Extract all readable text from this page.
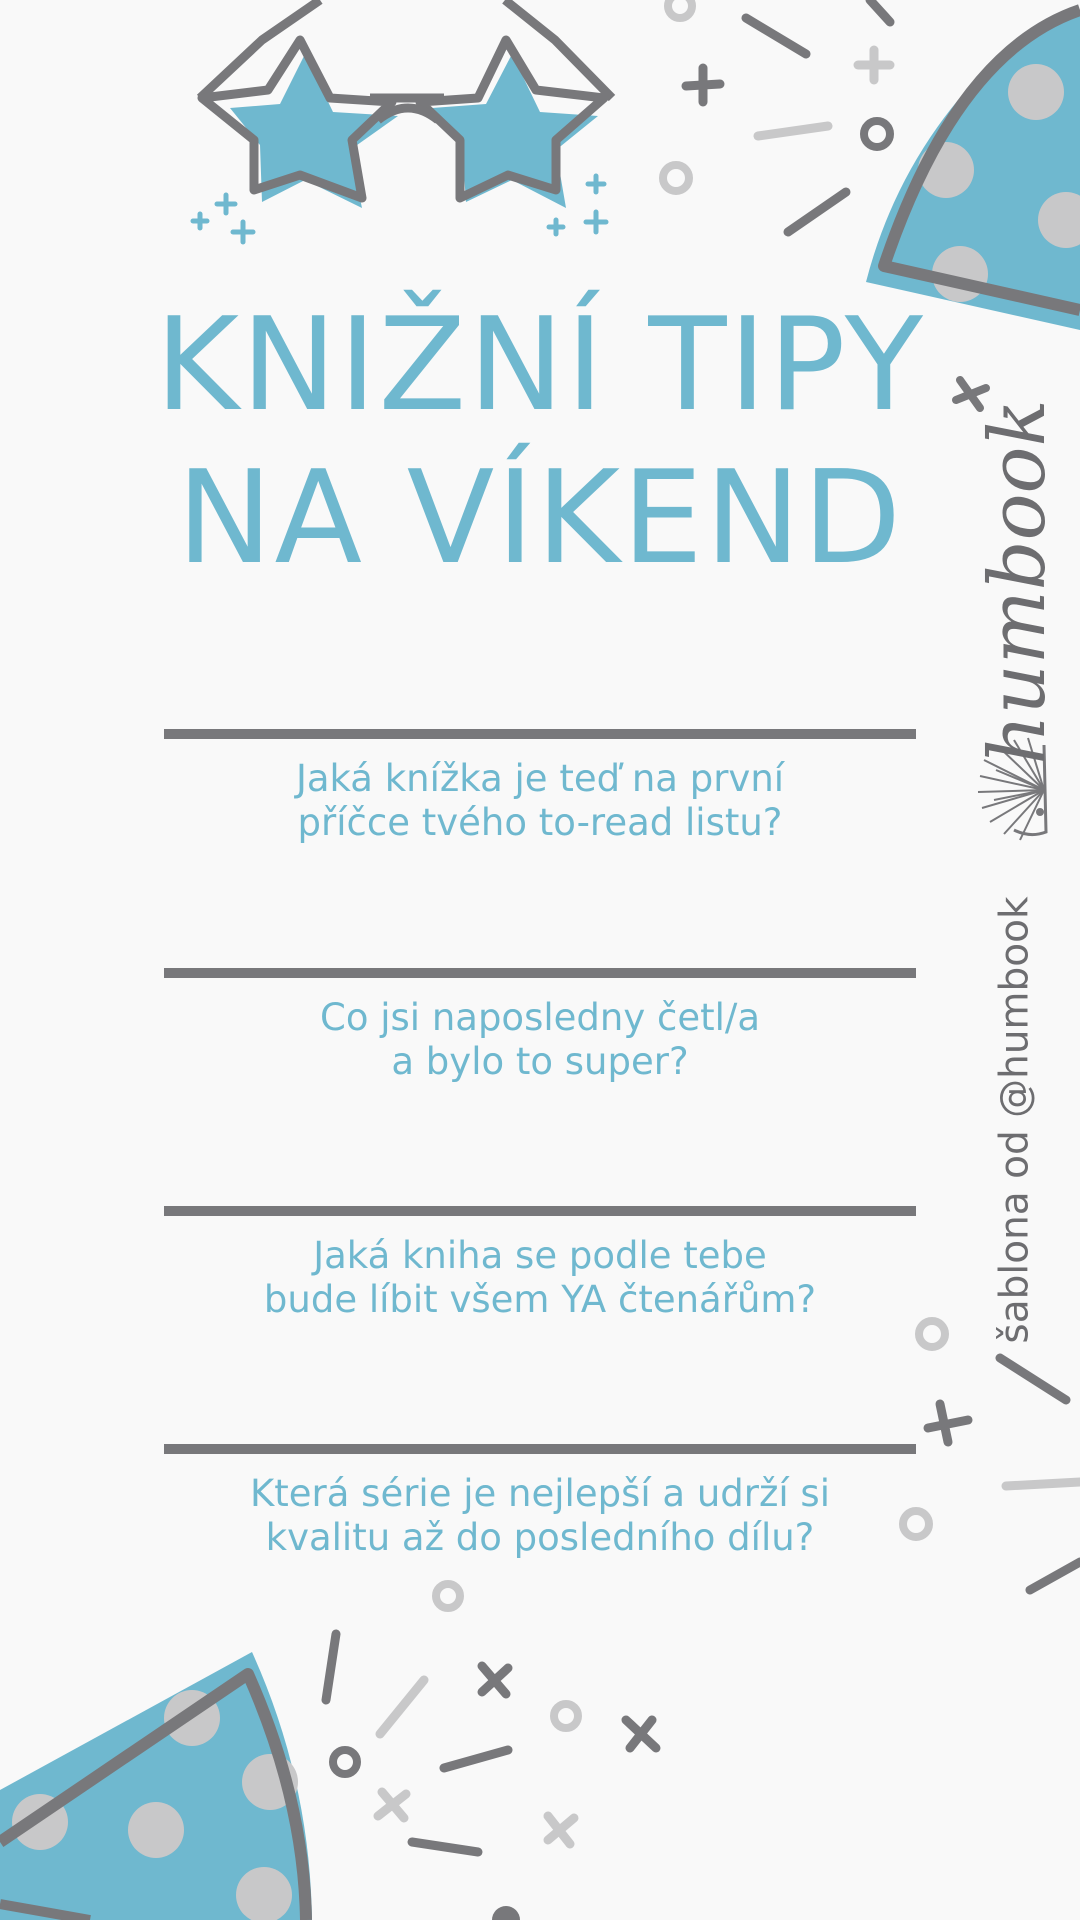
KNIŽNÍ TIPY
NA VÍKEND
Jaká knížka je teď na první
příčce tvého to-read listu?
Co jsi naposledny četl/a
a bylo to super?
Jaká kniha se podle tebe
bude líbit všem YA čtenářům?
Která série je nejlepší a udrží si
kvalitu až do posledního dílu?
humbook
šablona od @humbook
